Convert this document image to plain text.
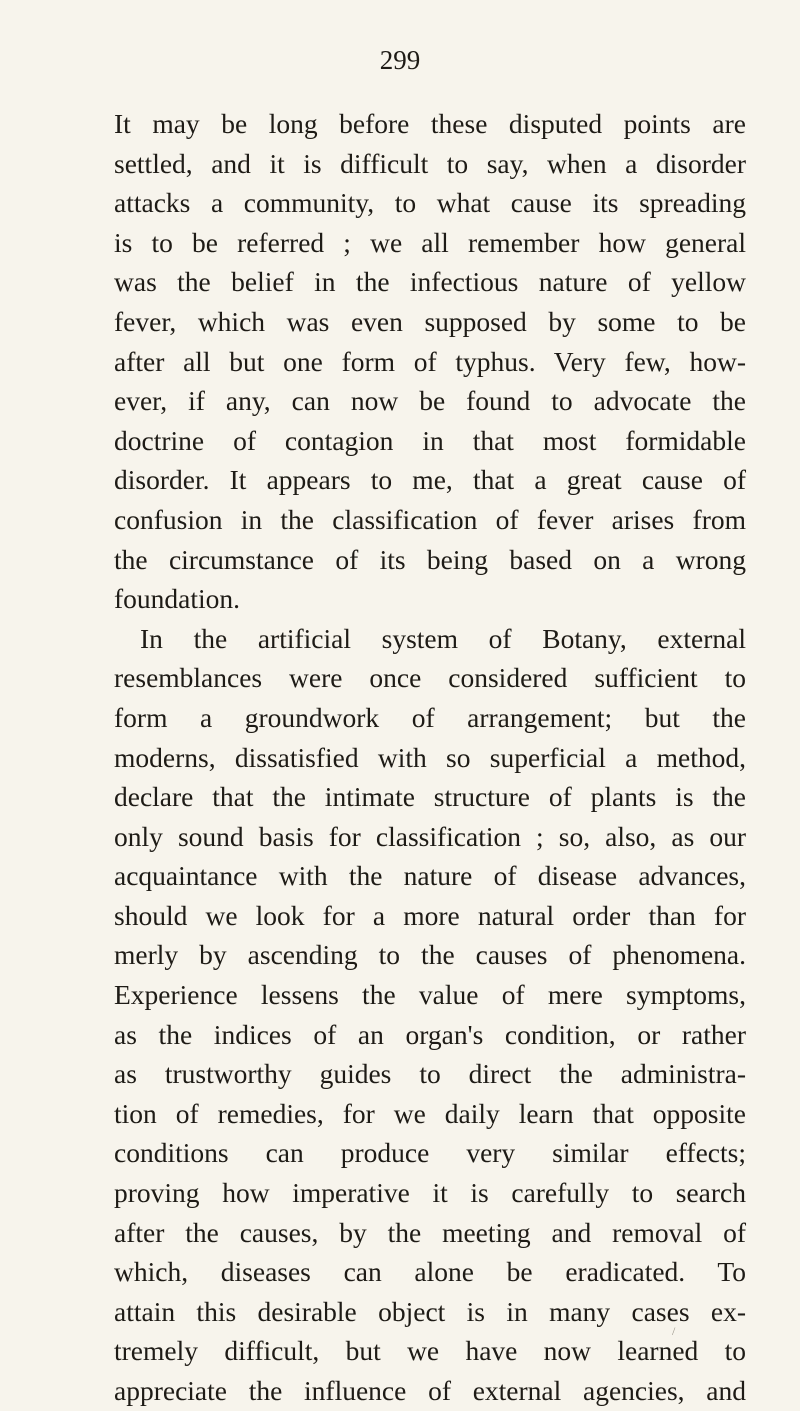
299
It may be long before these disputed points are
settled, and it is difficult to say, when a disorder
attacks a community, to what cause its spreading
is to be referred ; we all remember how general
was the belief in the infectious nature of yellow
fever, which was even supposed by some to be
after all but one form of typhus. Very few, how-
ever, if any, can now be found to advocate the
doctrine of contagion in that most formidable
disorder. It appears to me, that a great cause of
confusion in the classification of fever arises from
the circumstance of its being based on a wrong
foundation.
In the artificial system of Botany, external
resemblances were once considered sufficient to
form a groundwork of arrangement; but the
moderns, dissatisfied with so superficial a method,
declare that the intimate structure of plants is the
only sound basis for classification ; so, also, as our
acquaintance with the nature of disease advances,
should we look for a more natural order than for
merly by ascending to the causes of phenomena.
Experience lessens the value of mere symptoms,
as the indices of an organ's condition, or rather
as trustworthy guides to direct the administra-
tion of remedies, for we daily learn that opposite
conditions can produce very similar effects;
proving how imperative it is carefully to search
after the causes, by the meeting and removal of
which, diseases can alone be eradicated. To
attain this desirable object is in many cases ex-
tremely difficult, but we have now learned to
appreciate the influence of external agencies, and
/
